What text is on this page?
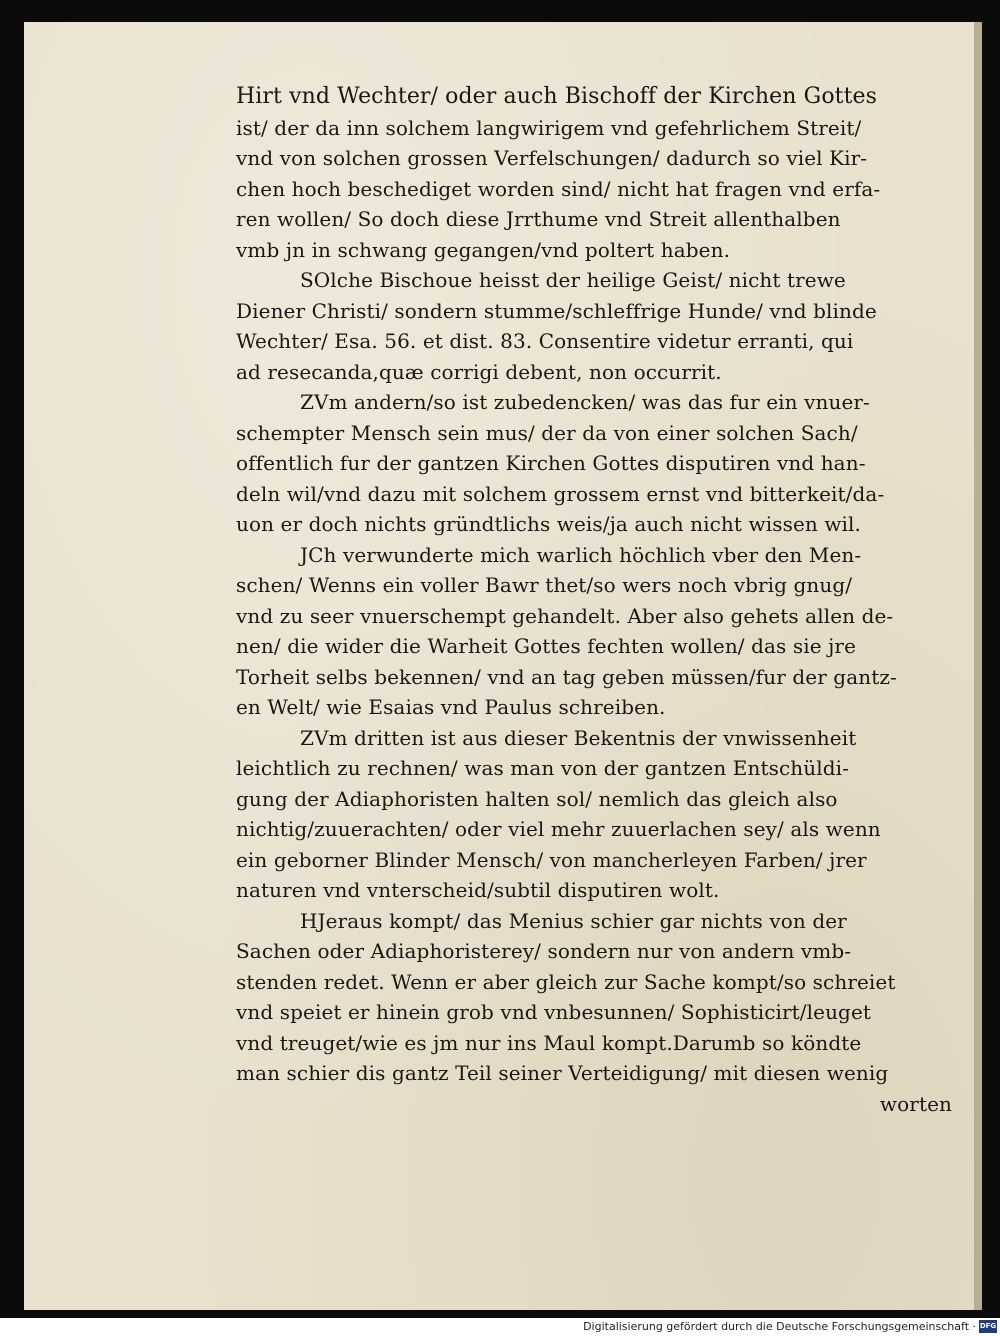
Hirt vnd Wechter/ oder auch Bischoff der Kirchen Gottes
ist/ der da inn solchem langwirigem vnd gefehrlichem Streit/
vnd von solchen grossen Verfelschungen/ dadurch so viel Kir-
chen hoch beschediget worden sind/ nicht hat fragen vnd erfa-
ren wollen/ So doch diese Jrrthume vnd Streit allenthalben
vmb jn in schwang gegangen/vnd poltert haben.
SOlche Bischoue heisst der heilige Geist/ nicht trewe
Diener Christi/ sondern stumme/schleffrige Hunde/ vnd blinde
Wechter/ Esa. 56. et dist. 83. Consentire videtur erranti, qui
ad resecanda,quæ corrigi debent, non occurrit.
ZVm andern/so ist zubedencken/ was das fur ein vnuer-
schempter Mensch sein mus/ der da von einer solchen Sach/
offentlich fur der gantzen Kirchen Gottes disputiren vnd han-
deln wil/vnd dazu mit solchem grossem ernst vnd bitterkeit/da-
uon er doch nichts gründtlichs weis/ja auch nicht wissen wil.
JCh verwunderte mich warlich höchlich vber den Men-
schen/ Wenns ein voller Bawr thet/so wers noch vbrig gnug/
vnd zu seer vnuerschempt gehandelt. Aber also gehets allen de-
nen/ die wider die Warheit Gottes fechten wollen/ das sie jre
Torheit selbs bekennen/ vnd an tag geben müssen/fur der gantz-
en Welt/ wie Esaias vnd Paulus schreiben.
ZVm dritten ist aus dieser Bekentnis der vnwissenheit
leichtlich zu rechnen/ was man von der gantzen Entschüldi-
gung der Adiaphoristen halten sol/ nemlich das gleich also
nichtig/zuuerachten/ oder viel mehr zuuerlachen sey/ als wenn
ein geborner Blinder Mensch/ von mancherleyen Farben/ jrer
naturen vnd vnterscheid/subtil disputiren wolt.
HJeraus kompt/ das Menius schier gar nichts von der
Sachen oder Adiaphoristerey/ sondern nur von andern vmb-
stenden redet. Wenn er aber gleich zur Sache kompt/so schreiet
vnd speiet er hinein grob vnd vnbesunnen/ Sophisticirt/leuget
vnd treuget/wie es jm nur ins Maul kompt.Darumb so köndte
man schier dis gantz Teil seiner Verteidigung/ mit diesen wenig
worten
Digitalisierung gefördert durch die Deutsche Forschungsgemeinschaft · DFG
